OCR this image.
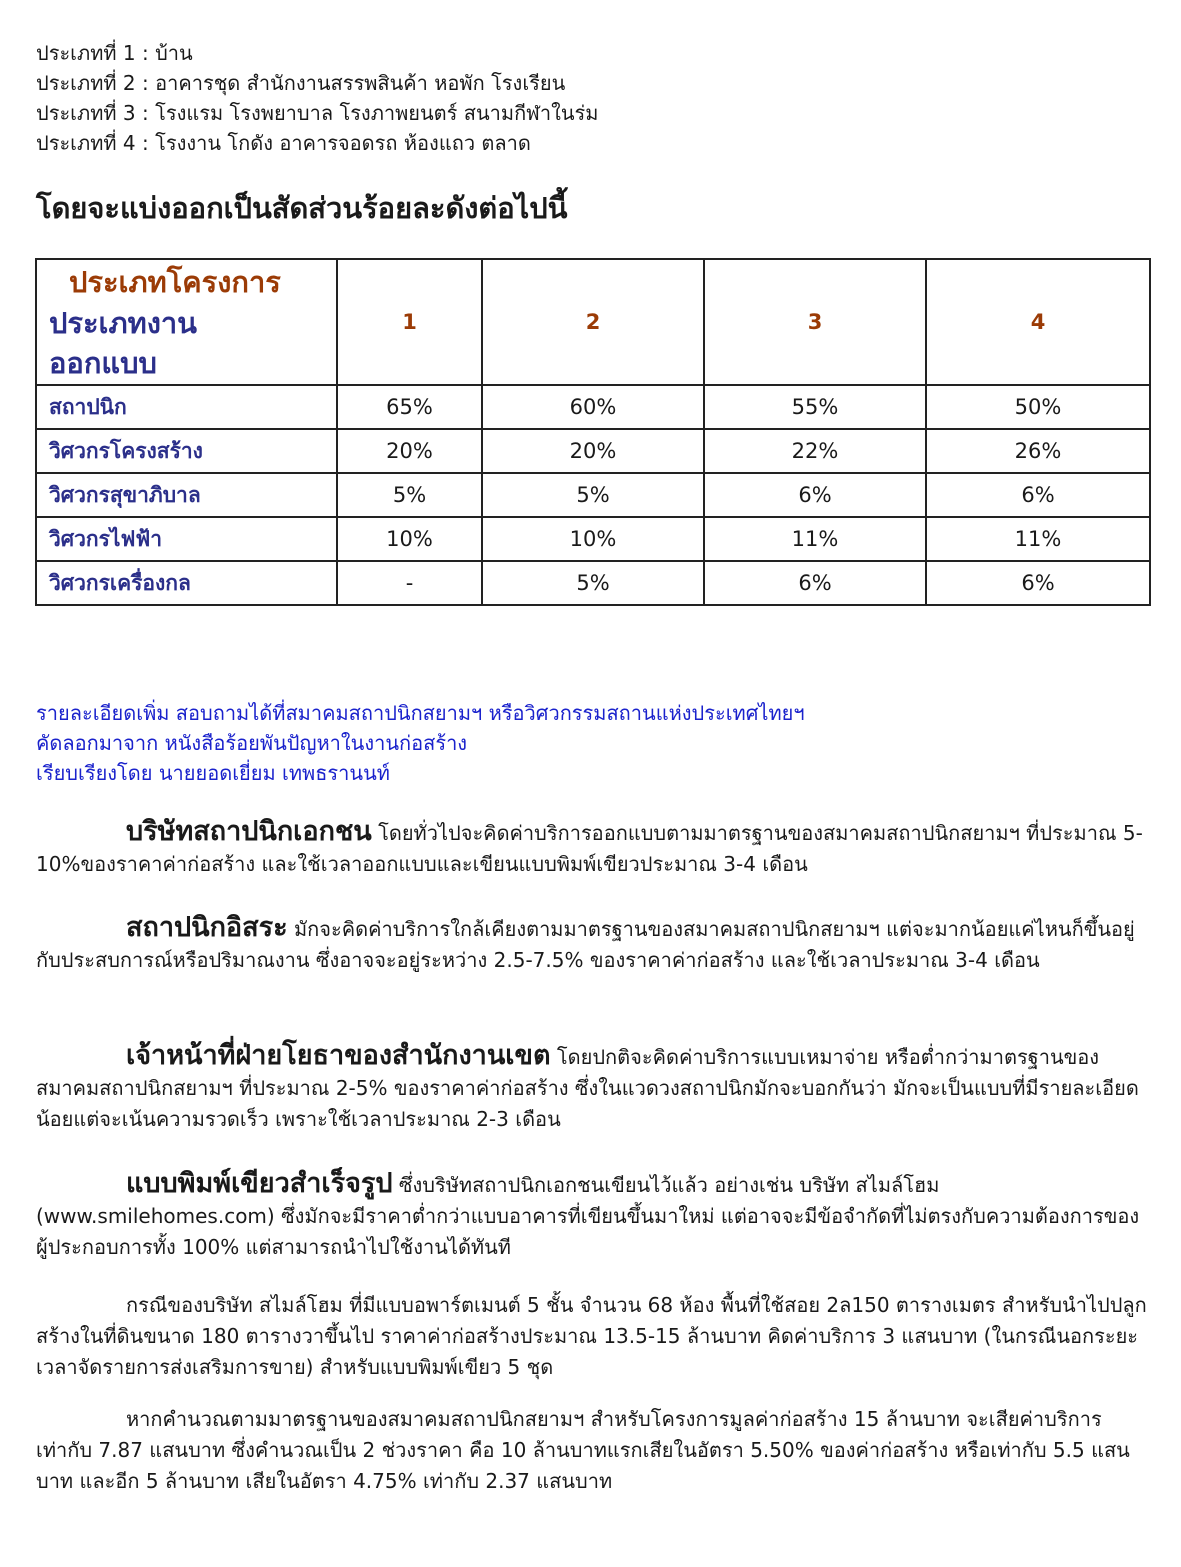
ประเภทที่ 1 : บ้าน
ประเภทที่ 2 : อาคารชุด สำนักงานสรรพสินค้า หอพัก โรงเรียน
ประเภทที่ 3 : โรงแรม โรงพยาบาล โรงภาพยนตร์ สนามกีฬาในร่ม
ประเภทที่ 4 : โรงงาน โกดัง อาคารจอดรถ ห้องแถว ตลาด
โดยจะแบ่งออกเป็นสัดส่วนร้อยละดังต่อไปนี้
ประเภทโครงการ
ประเภทงาน
ออกแบบ	1	2	3	4
สถาปนิก	65%	60%	55%	50%
วิศวกรโครงสร้าง	20%	20%	22%	26%
วิศวกรสุขาภิบาล	5%	5%	6%	6%
วิศวกรไฟฟ้า	10%	10%	11%	11%
วิศวกรเครื่องกล	-	5%	6%	6%
รายละเอียดเพิ่ม สอบถามได้ที่สมาคมสถาปนิกสยามฯ หรือวิศวกรรมสถานแห่งประเทศไทยฯ
คัดลอกมาจาก หนังสือร้อยพันปัญหาในงานก่อสร้าง
เรียบเรียงโดย นายยอดเยี่ยม เทพธรานนท์

บริษัทสถาปนิกเอกชน โดยทั่วไปจะคิดค่าบริการออกแบบตามมาตรฐานของสมาคมสถาปนิกสยามฯ ที่ประมาณ 5-10%ของราคาค่าก่อสร้าง และใช้เวลาออกแบบและเขียนแบบพิมพ์เขียวประมาณ 3-4 เดือน

สถาปนิกอิสระ มักจะคิดค่าบริการใกล้เคียงตามมาตรฐานของสมาคมสถาปนิกสยามฯ แต่จะมากน้อยแค่ไหนก็ขึ้นอยู่กับประสบการณ์หรือปริมาณงาน ซึ่งอาจจะอยู่ระหว่าง 2.5-7.5% ของราคาค่าก่อสร้าง และใช้เวลาประมาณ 3-4 เดือน

เจ้าหน้าที่ฝ่ายโยธาของสำนักงานเขต โดยปกติจะคิดค่าบริการแบบเหมาจ่าย หรือต่ำกว่ามาตรฐานของสมาคมสถาปนิกสยามฯ ที่ประมาณ 2-5% ของราคาค่าก่อสร้าง ซึ่งในแวดวงสถาปนิกมักจะบอกกันว่า มักจะเป็นแบบที่มีรายละเอียดน้อยแต่จะเน้นความรวดเร็ว เพราะใช้เวลาประมาณ 2-3 เดือน

แบบพิมพ์เขียวสำเร็จรูป ซึ่งบริษัทสถาปนิกเอกชนเขียนไว้แล้ว อย่างเช่น บริษัท สไมล์โฮม (www.smilehomes.com) ซึ่งมักจะมีราคาต่ำกว่าแบบอาคารที่เขียนขึ้นมาใหม่ แต่อาจจะมีข้อจำกัดที่ไม่ตรงกับความต้องการของผู้ประกอบการทั้ง 100% แต่สามารถนำไปใช้งานได้ทันที

กรณีของบริษัท สไมล์โฮม ที่มีแบบอพาร์ตเมนต์ 5 ชั้น จำนวน 68 ห้อง พื้นที่ใช้สอย 2ล150 ตารางเมตร สำหรับนำไปปลูกสร้างในที่ดินขนาด 180 ตารางวาขึ้นไป ราคาค่าก่อสร้างประมาณ 13.5-15 ล้านบาท คิดค่าบริการ 3 แสนบาท (ในกรณีนอกระยะเวลาจัดรายการส่งเสริมการขาย) สำหรับแบบพิมพ์เขียว 5 ชุด

หากคำนวณตามมาตรฐานของสมาคมสถาปนิกสยามฯ สำหรับโครงการมูลค่าก่อสร้าง 15 ล้านบาท จะเสียค่าบริการเท่ากับ 7.87 แสนบาท ซึ่งคำนวณเป็น 2 ช่วงราคา คือ 10 ล้านบาทแรกเสียในอัตรา 5.50% ของค่าก่อสร้าง หรือเท่ากับ 5.5 แสนบาท และอีก 5 ล้านบาท เสียในอัตรา 4.75% เท่ากับ 2.37 แสนบาท
